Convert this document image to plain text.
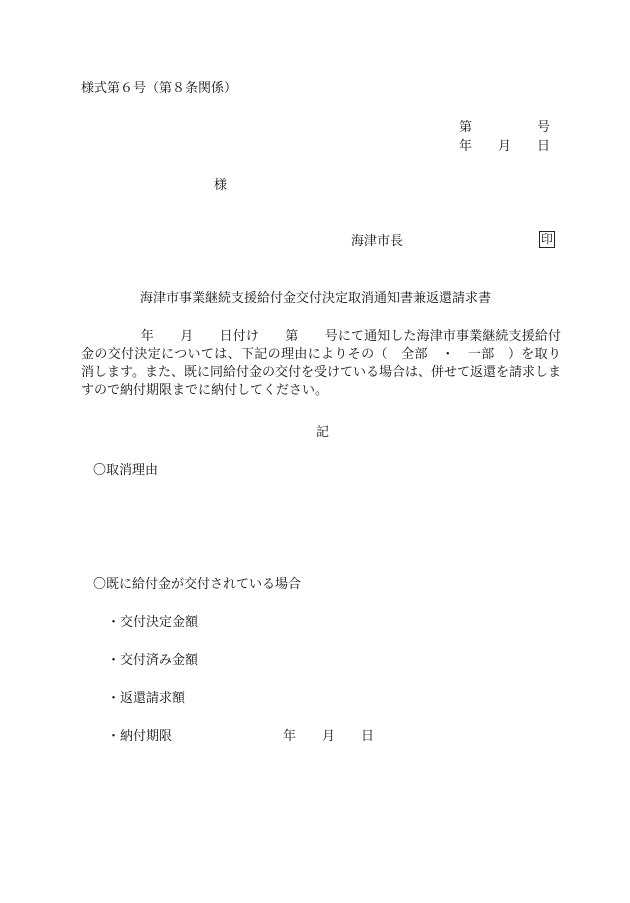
様式第６号（第８条関係）
第　　　　　号
年　　月　　日
様
海津市長	印
海津市事業継続支援給付金交付決定取消通知書兼返還請求書

年　　月　　日付け　　第　　号にて通知した海津市事業継続支援給付金の交付決定については、下記の理由によりその（　全部　・　一部　）を取り消します。また、既に同給付金の交付を受けている場合は、併せて返還を請求しますので納付期限までに納付してください。

記
〇取消理由
〇既に給付金が交付されている場合
・交付決定金額
・交付済み金額
・返還請求額
・納付期限	年　　月　　日
